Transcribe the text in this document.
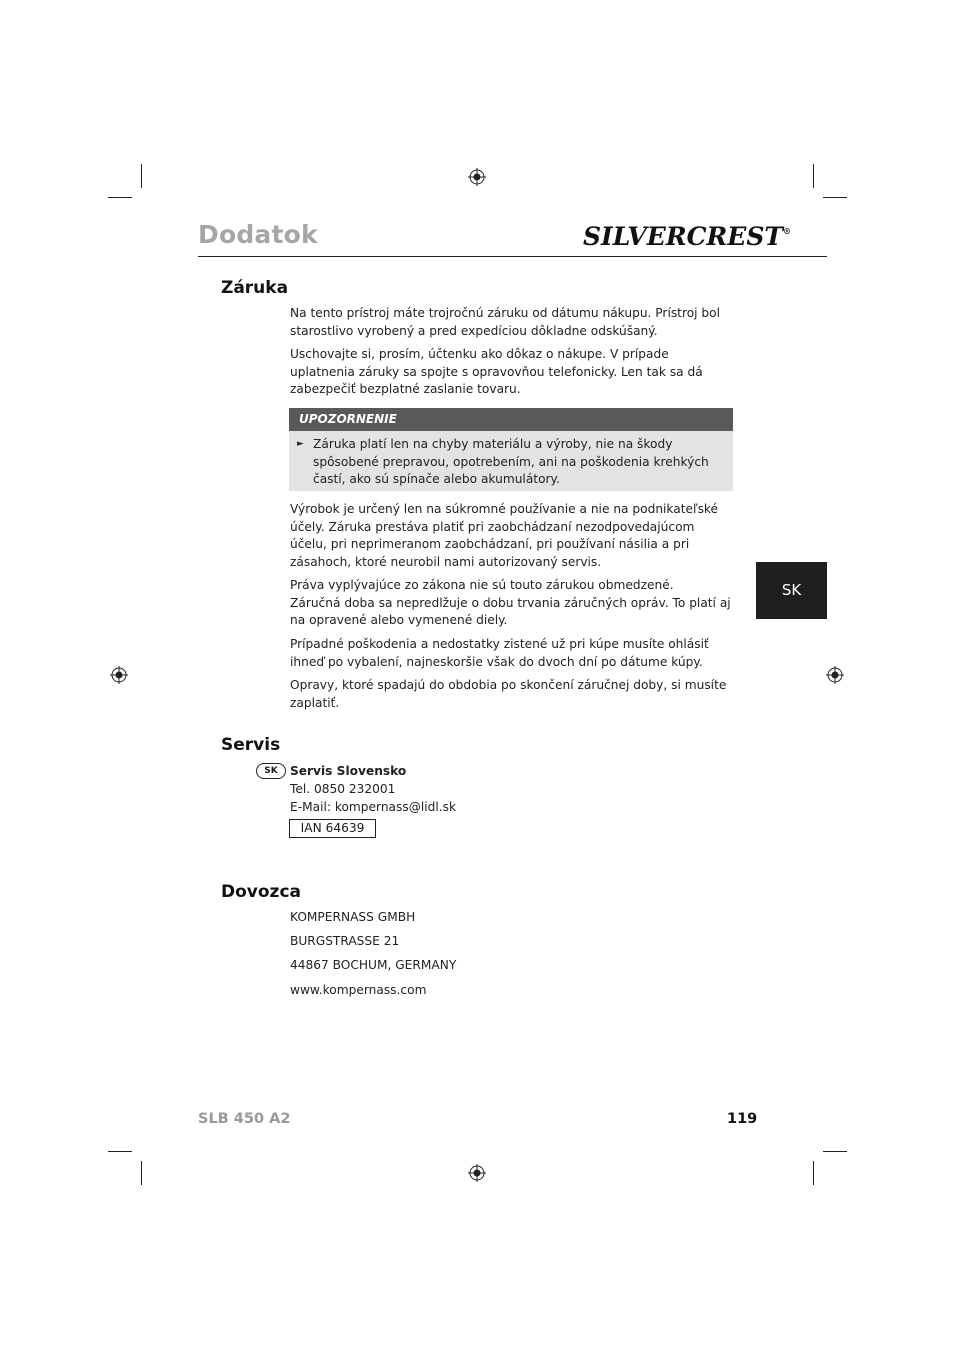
Dodatok	SILVERCREST®
Záruka
Na tento prístroj máte trojročnú záruku od dátumu nákupu. Prístroj bol starostlivo vyrobený a pred expedíciou dôkladne odskúšaný.
Uschovajte si, prosím, účtenku ako dôkaz o nákupe. V prípade uplatnenia záruky sa spojte s opravovňou telefonicky. Len tak sa dá zabezpečiť bezplatné zaslanie tovaru.
UPOZORNENIE
► Záruka platí len na chyby materiálu a výroby, nie na škody spôsobené prepravou, opotrebením, ani na poškodenia krehkých častí, ako sú spínače alebo akumulátory.
Výrobok je určený len na súkromné používanie a nie na podnikateľské účely. Záruka prestáva platiť pri zaobchádzaní nezodpovedajúcom účelu, pri neprimeranom zaobchádzaní, pri používaní násilia a pri zásahoch, ktoré neurobil nami autorizovaný servis.

Práva vyplývajúce zo zákona nie sú touto zárukou obmedzené.

Záručná doba sa nepredlžuje o dobu trvania záručných opráv. To platí aj na opravené alebo vymenené diely.

Prípadné poškodenia a nedostatky zistené už pri kúpe musíte ohlásiť ihneď po vybalení, najneskoršie však do dvoch dní po dátume kúpy.
Opravy, ktoré spadajú do obdobia po skončení záručnej doby, si musíte zaplatiť.
SK
Servis
SK	Servis Slovensko
Tel. 0850 232001
E-Mail: kompernass@lidl.sk
IAN 64639
Dovozca
KOMPERNASS GMBH
BURGSTRASSE 21
44867 BOCHUM, GERMANY
www.kompernass.com
SLB 450 A2	119
